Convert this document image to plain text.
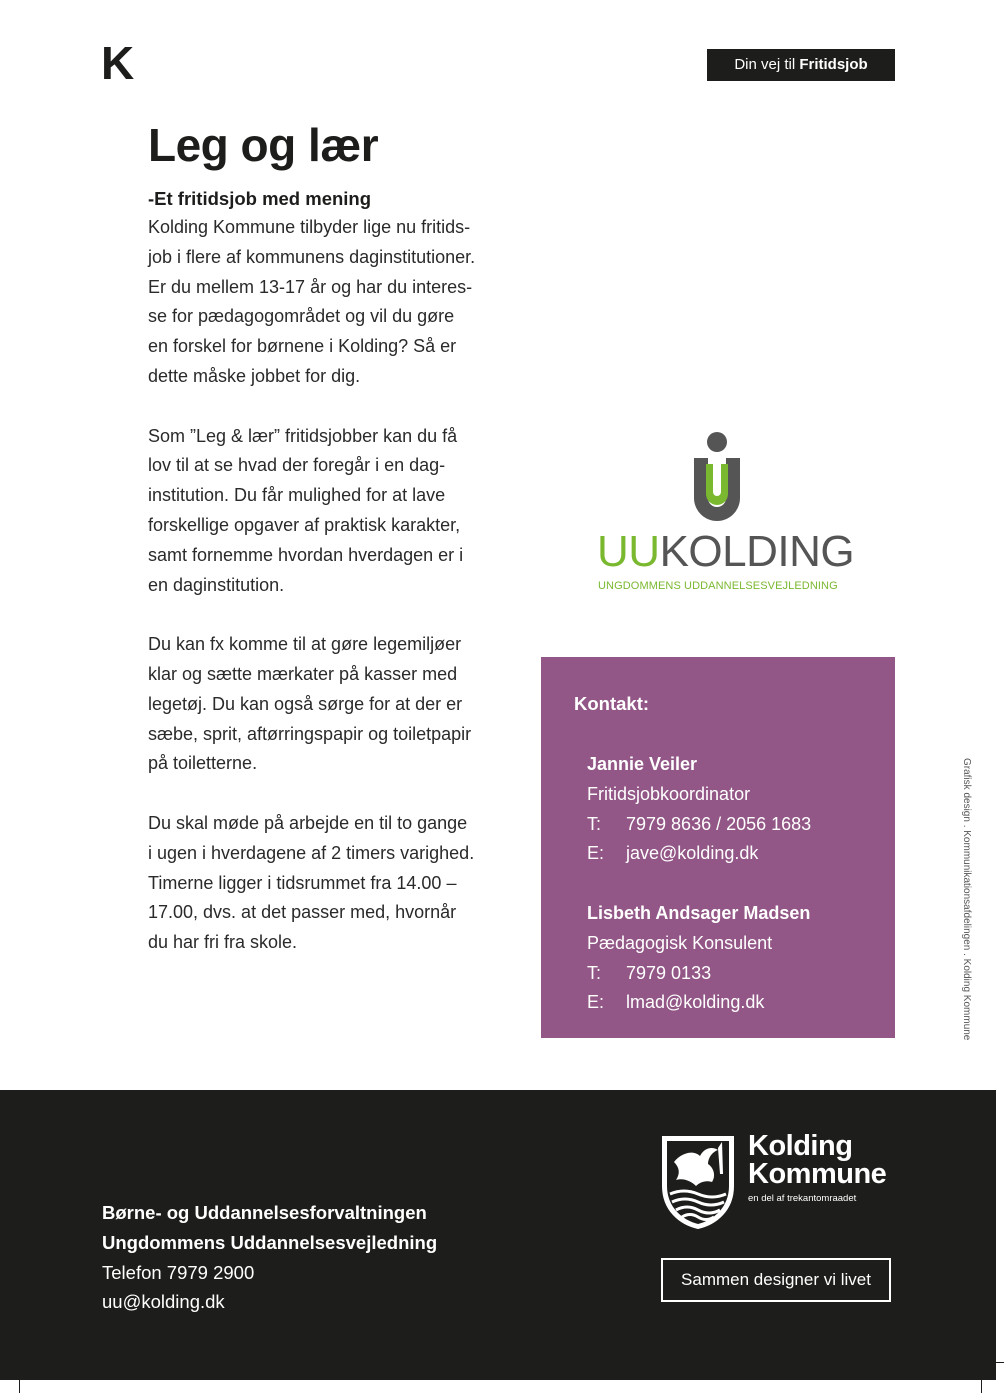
K	Din vej til Fritidsjob
Leg og lær
-Et fritidsjob med mening

Kolding Kommune tilbyder lige nu fritids-
job i flere af kommunens daginstitutioner.
Er du mellem 13-17 år og har du interes-
se for pædagogområdet og vil du gøre
en forskel for børnene i Kolding? Så er
dette måske jobbet for dig.

Som ”Leg & lær” fritidsjobber kan du få
lov til at se hvad der foregår i en dag-
institution. Du får mulighed for at lave
forskellige opgaver af praktisk karakter,
samt fornemme hvordan hverdagen er i
en daginstitution.

Du kan fx komme til at gøre legemiljøer
klar og sætte mærkater på kasser med
legetøj. Du kan også sørge for at der er
sæbe, sprit, aftørringspapir og toiletpapir
på toiletterne.

Du skal møde på arbejde en til to gange
i ugen i hverdagene af 2 timers varighed.
Timerne ligger i tidsrummet fra 14.00 –
17.00, dvs. at det passer med, hvornår
du har fri fra skole.

UUKOLDING
UNGDOMMENS UDDANNELSESVEJLEDNING
Kontakt:
Jannie Veiler
Fritidsjobkoordinator
T:	7979 8636 / 2056 1683
E:	jave@kolding.dk
Lisbeth Andsager Madsen
Pædagogisk Konsulent
T:	7979 0133
E:	lmad@kolding.dk	Grafisk design . Kommunikationsafdelingen . Kolding Kommune
Børne- og Uddannelsesforvaltningen
Ungdommens Uddannelsesvejledning
Telefon 7979 2900
uu@kolding.dk
Kolding
Kommune
en del af trekantomraadet
Sammen designer vi livet
